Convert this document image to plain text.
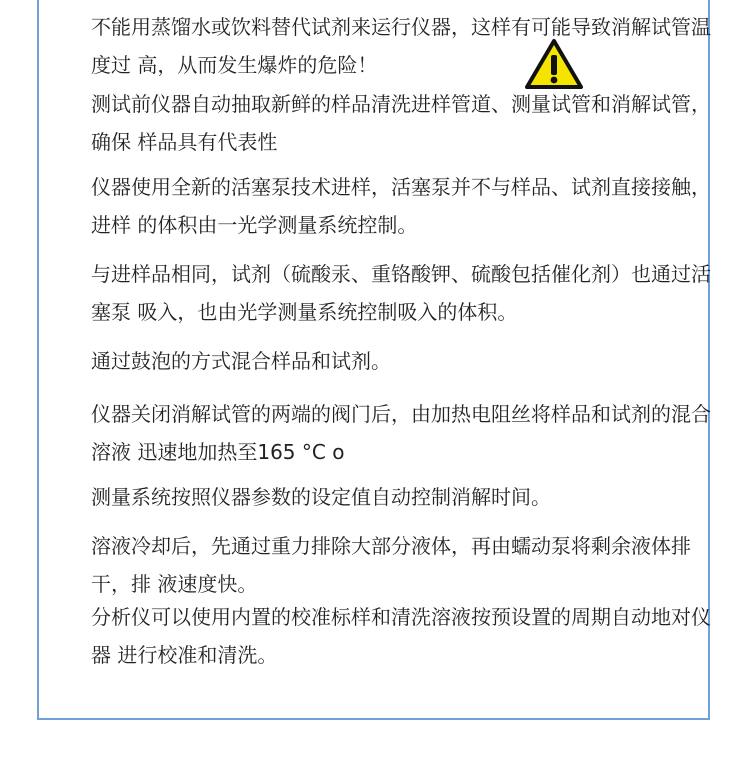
不能用蒸馏水或饮料替代试剂来运行仪器，这样有可能导致消解试管温度过 高，从而发生爆炸的危险！

测试前仪器自动抽取新鲜的样品清洗进样管道、测量试管和消解试管，确保 样品具有代表性

仪器使用全新的活塞泵技术进样，活塞泵并不与样品、试剂直接接触，进样 的体积由一光学测量系统控制。

与进样品相同，试剂（硫酸汞、重铬酸钾、硫酸包括催化剂）也通过活塞泵 吸入，也由光学测量系统控制吸入的体积。

通过鼓泡的方式混合样品和试剂。

仪器关闭消解试管的两端的阀门后，由加热电阻丝将样品和试剂的混合溶液 迅速地加热至165 °C o

测量系统按照仪器参数的设定值自动控制消解时间。

溶液冷却后，先通过重力排除大部分液体，再由蠕动泵将剩余液体排干，排 液速度快。

分析仪可以使用内置的校准标样和清洗溶液按预设置的周期自动地对仪器 进行校准和清洗。
